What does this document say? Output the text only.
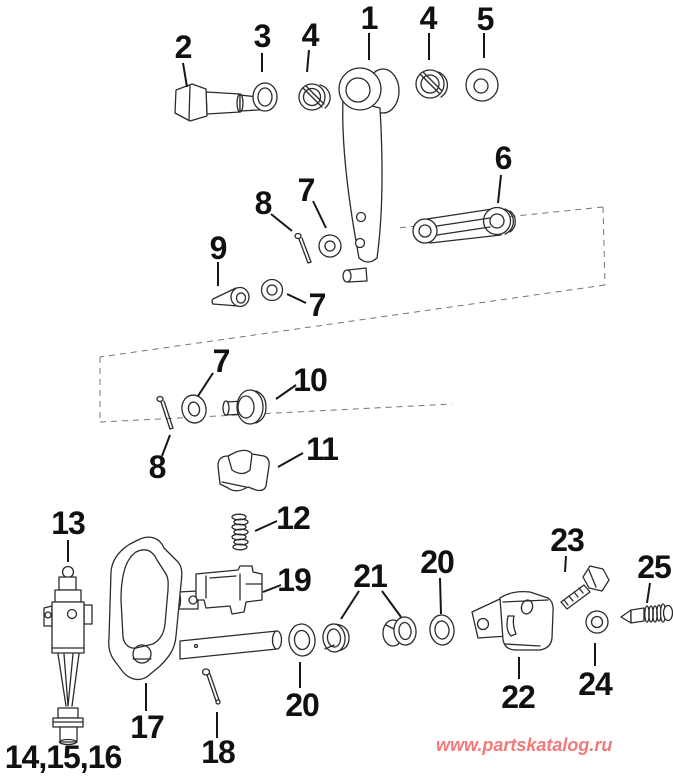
1
2 3 4	4 5
6
7
8
9
7
7
10
8	11
12
13
19 21 20
23
25
22 24
20
17
18
14,15,16	www.partskatalog.ru
